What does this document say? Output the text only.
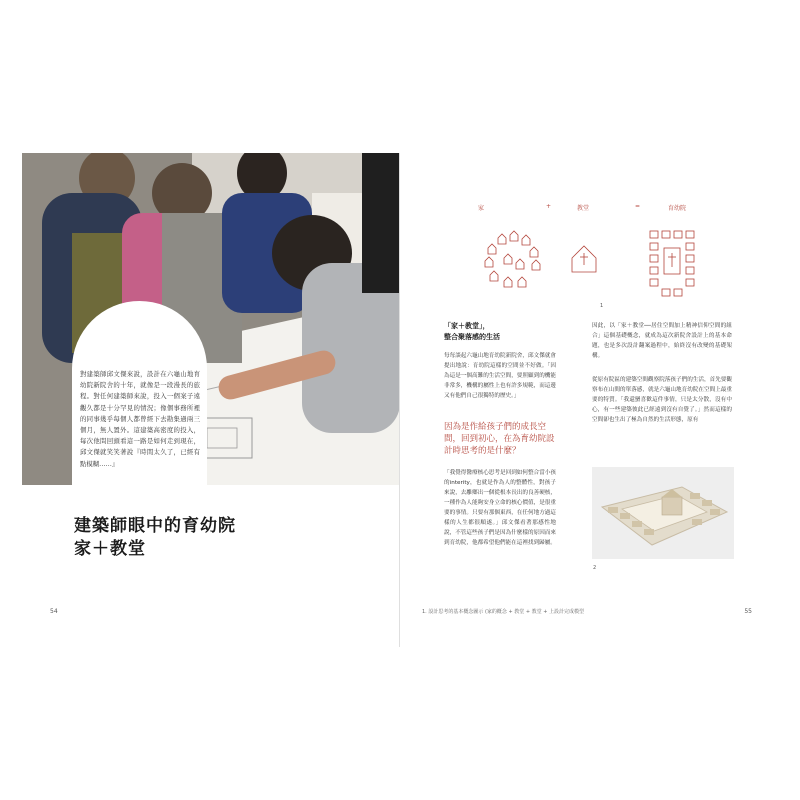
對建築師邱文傑來說，設計在六龜山地育幼院新院舍的十年，就像是一段漫長的旅程。對任何建築師來說，投入一個案子遠觀久都是十分罕見的情況；像個事務所裡的同事幾乎每個人都曾經下去勘集過兩三個月，無人置外。這建築高密度的投入，每次他問回頭看這一路是如何走到現在，邱文傑就笑笑著說『時間太久了，已經有點模糊……』
建築師眼中的育幼院
家＋教堂
54
家	+	教堂	=	育幼院
1
「家＋教堂」，
整合聚落感的生活
每每談起六龜山地育幼院新院舍，邱文傑就會提出地說：育幼院這樣的空間並不好做。「因為這是一個高難的生活空間，要照顧到的機能非常多，機構的屬性上也有許多規範，而這邊又有他們自己很獨特的歷史。」
因為是作給孩子們的成長空間，回到初心，在為育幼院設計時思考的是什麼？
「我覺得醫療核心思考是回到如何整合當小孩的interity，也就是作為人的整體性，對孩子來說，去離鄉出一個從根本長出的良善硬核，一種作為人能夠安身立命的核心價值，是很重要的事情。只要有那個東西，在任何地方過這樣的人生都很順遂。」邱文傑看著那感性地說，不管這些孩子們是因為什麼樣的原因而來到育幼院，他都希望他們能在這裡找到歸屬。
因此，以「家＋教堂──居住空間加上精神信仰空間的組合」這個基礎概念，就成為這次新院舍設計上的基本命題，也是多次設計翻案過程中，始終沒有改變的基礎架構。
從原有院區的建築空間觀察院落孩子們的生活，首先要觀察布在山間的單落感，就是六龜山地育幼院在空間上最重要的特質。「我還蠻喜歡這件事情，只是太分散，沒有中心，有一些建築彼此已經遠到沒有自覺了。」然而這樣的空間卻也生出了極為自然的生活形態，原有
2
1. 設計思考的基本概念圖示 (家的概念 + 教堂 + 教堂 + 上設計完成模型	55
